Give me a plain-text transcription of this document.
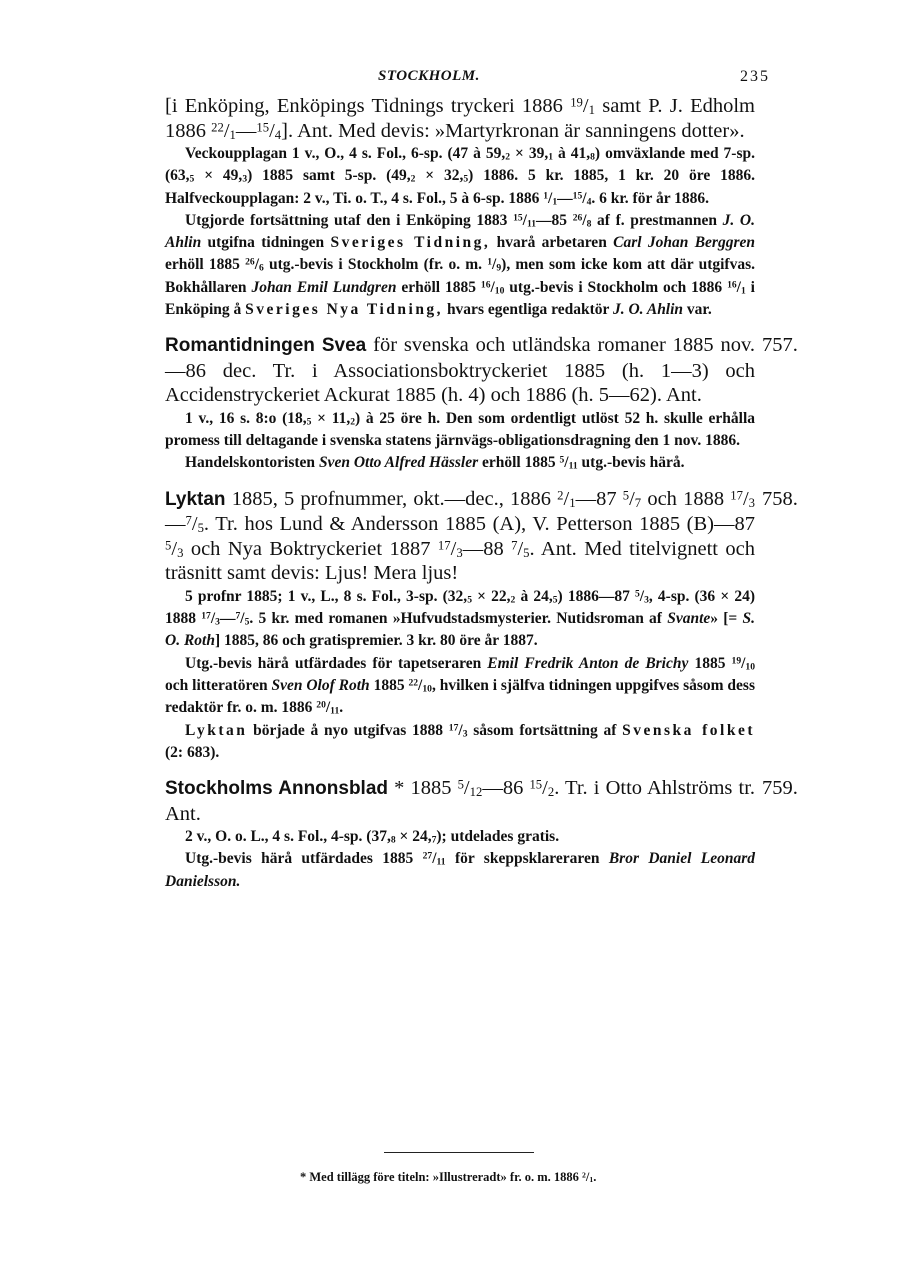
STOCKHOLM.	235

[i Enköping, Enköpings Tidnings tryckeri 1886 $^{19}/_1$ samt P. J. Edholm 1886 $^{22}/_1—^{15}/_4$]. Ant. Med devis: »Martyrkronan är sanningens dotter».

Veckoupplagan 1 v., O., 4 s. Fol., 6-sp. (47 à $59,_2 \times 39,_1$ à $41,_8$) omväxlande med 7-sp. $(63,_5 \times 49,_3)$ 1885 samt 5-sp. $(49,_2 \times 32,_5)$ 1886. 5 kr. 1885, 1 kr. 20 öre 1886. Halfveckoupplagan: 2 v., Ti. o. T., 4 s. Fol., 5 à 6-sp. 1886 $^1/_1—^{15}/_4$. 6 kr. för år 1886.

Utgjorde fortsättning utaf den i Enköping 1883 $^{15}/_{11}—85$ $^{26}/_8$ af f. prestmannen J. O. Ahlin utgifna tidningen Sveriges Tidning, hvarå arbetaren Carl Johan Berggren erhöll 1885 $^{26}/_6$ utg.-bevis i Stockholm (fr. o. m. $^1/_9$), men som icke kom att där utgifvas. Bokhållaren Johan Emil Lundgren erhöll 1885 $^{16}/_{10}$ utg.-bevis i Stockholm och 1886 $^{16}/_1$ i Enköping å Sveriges Nya Tidning, hvars egentliga redaktör J. O. Ahlin var.

757.

Romantidningen Svea för svenska och utländska romaner 1885 nov.—86 dec. Tr. i Associationsboktryckeriet 1885 (h. 1—3) och Accidenstryckeriet Ackurat 1885 (h. 4) och 1886 (h. 5—62). Ant.

1 v., 16 s. 8:o $(18,_5 \times 11,_2)$ à 25 öre h. Den som ordentligt utlöst 52 h. skulle erhålla promess till deltagande i svenska statens järnvägs-obligationsdragning den 1 nov. 1886.

Handelskontoristen Sven Otto Alfred Hässler erhöll 1885 $^5/_{11}$ utg.-bevis härå.

758.

Lyktan 1885, 5 profnummer, okt.—dec., 1886 $^2/_1—87$ $^5/_7$ och 1888 $^{17}/_3—^7/_5$. Tr. hos Lund & Andersson 1885 (A), V. Petterson 1885 (B)—87 $^5/_3$ och Nya Boktryckeriet 1887 $^{17}/_3—88$ $^7/_5$. Ant. Med titelvignett och träsnitt samt devis: Ljus! Mera ljus!

5 profnr 1885; 1 v., L., 8 s. Fol., 3-sp. ($32,_5 \times 22,_2$ à $24,_5$) 1886—87 $^5/_3$, 4-sp. (36 × 24) 1888 $^{17}/_3—^7/_5$. 5 kr. med romanen »Hufvudstadsmysterier. Nutidsroman af Svante» [= S. O. Roth] 1885, 86 och gratispremier. 3 kr. 80 öre år 1887.

Utg.-bevis härå utfärdades för tapetseraren Emil Fredrik Anton de Brichy 1885 $^{19}/_{10}$ och litteratören Sven Olof Roth 1885 $^{22}/_{10}$, hvilken i själfva tidningen uppgifves såsom dess redaktör fr. o. m. 1886 $^{20}/_{11}$.

Lyktan började å nyo utgifvas 1888 $^{17}/_3$ såsom fortsättning af Svenska folket (2: 683).

759.

Stockholms Annonsblad * 1885 $^5/_{12}—86$ $^{15}/_2$. Tr. i Otto Ahlströms tr. Ant.

2 v., O. o. L., 4 s. Fol., 4-sp. $(37,_8 \times 24,_7)$; utdelades gratis.

Utg.-bevis härå utfärdades 1885 $^{27}/_{11}$ för skeppsklareraren Bror Daniel Leonard Danielsson.

* Med tillägg före titeln: »Illustreradt» fr. o. m. 1886 $^2/_1$.
